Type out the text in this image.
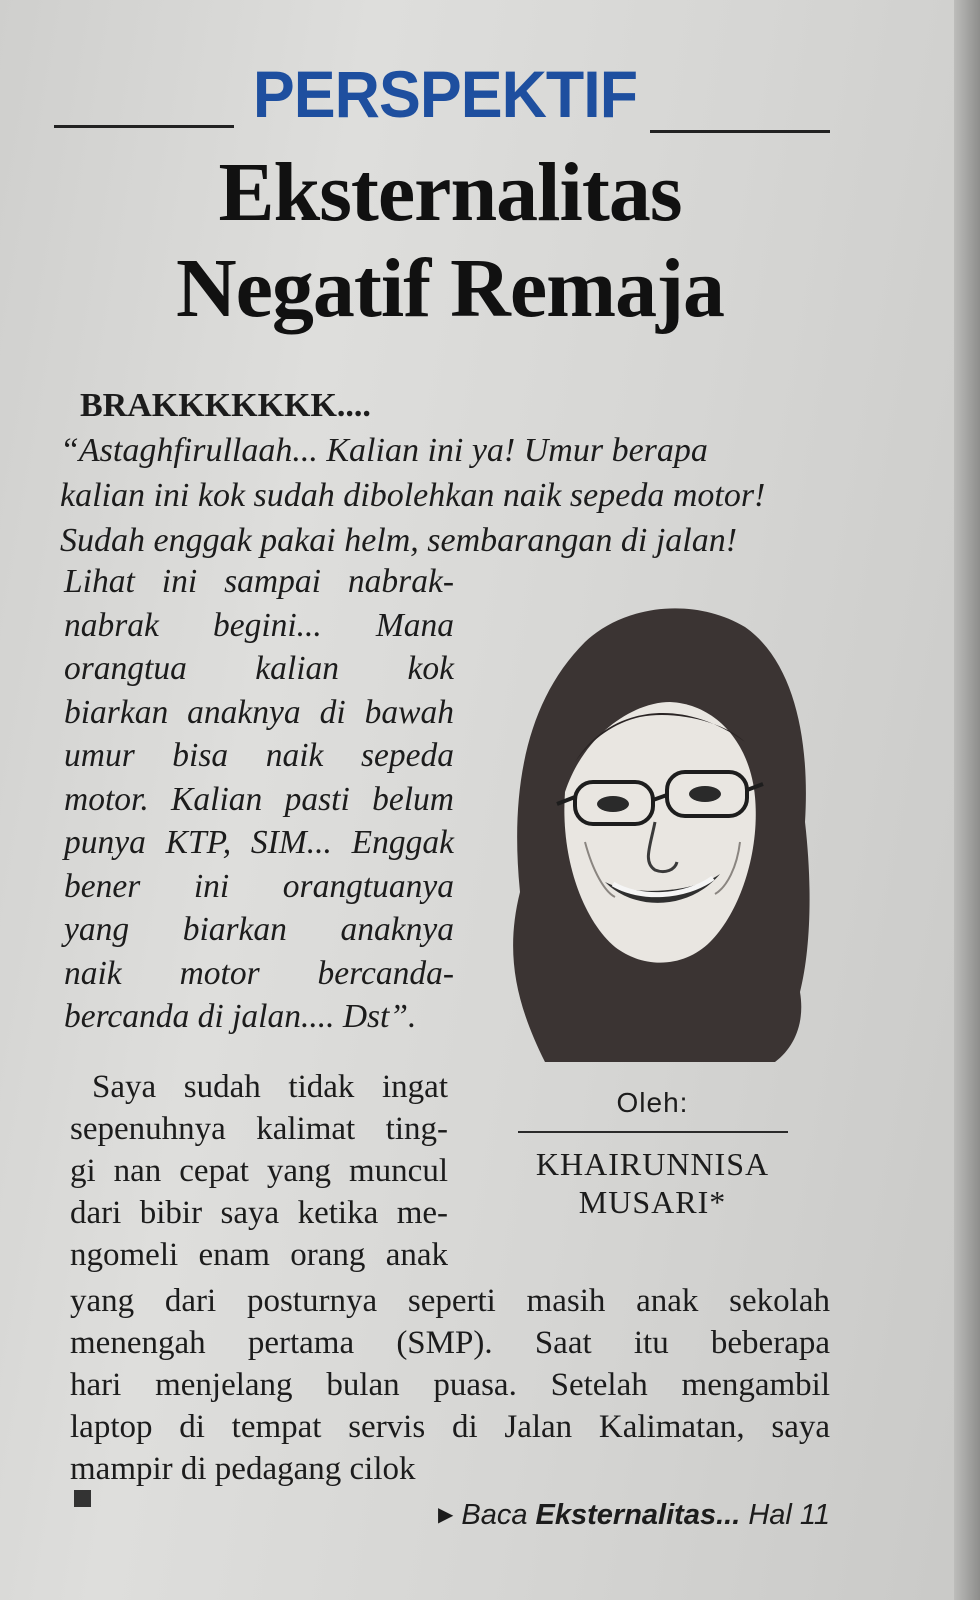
PERSPEKTIF
Eksternalitas
Negatif Remaja
BRAKKKKKKK....
“Astaghfirullaah... Kalian ini ya! Umur berapa
kalian ini kok sudah dibolehkan naik sepeda motor!
Sudah enggak pakai helm, sembarangan di jalan!
Lihat ini sampai nabrak-
nabrak begini... Mana
orangtua kalian kok
biarkan anaknya di bawah
umur bisa naik sepeda
motor. Kalian pasti belum
punya KTP, SIM... Enggak
bener ini orangtuanya
yang biarkan anaknya
naik motor bercanda-
bercanda di jalan.... Dst”.
Oleh:
KHAIRUNNISA
MUSARI*
Saya sudah tidak ingat
sepenuhnya kalimat ting-
gi nan cepat yang muncul
dari bibir saya ketika me-
ngomeli enam orang anak
yang dari posturnya seperti masih anak sekolah
menengah pertama (SMP). Saat itu beberapa
hari menjelang bulan puasa. Setelah mengambil
laptop di tempat servis di Jalan Kalimatan, saya
mampir di pedagang cilok
▶ Baca Eksternalitas... Hal 11
